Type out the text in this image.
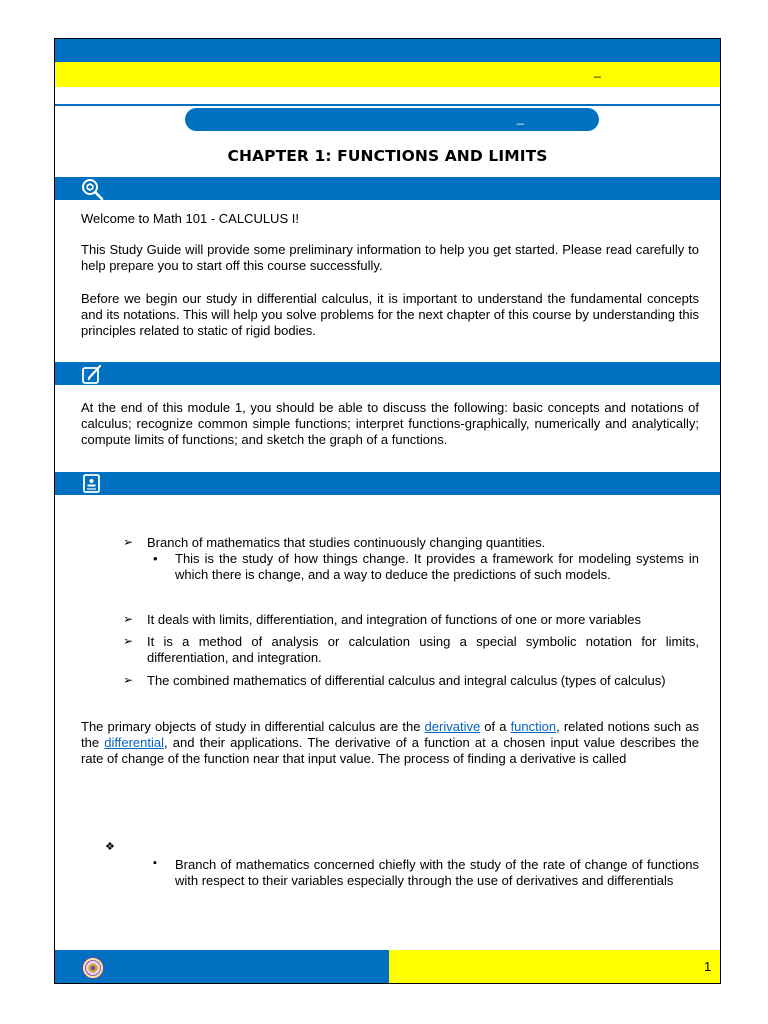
_
_
CHAPTER 1: FUNCTIONS AND LIMITS
Welcome to Math 101 - CALCULUS I!
This Study Guide will provide some preliminary information to help you get started. Please read carefully to help prepare you to start off this course successfully.
Before we begin our study in differential calculus, it is important to understand the fundamental concepts and its notations. This will help you solve problems for the next chapter of this course by understanding this principles related to static of rigid bodies.
At the end of this module 1, you should be able to discuss the following: basic concepts and notations of calculus; recognize common simple functions; interpret functions-graphically, numerically and analytically; compute limits of functions; and sketch the graph of a functions.
➢ Branch of mathematics that studies continuously changing quantities.
• This is the study of how things change. It provides a framework for modeling systems in which there is change, and a way to deduce the predictions of such models.
➢ It deals with limits, differentiation, and integration of functions of one or more variables
➢ It is a method of analysis or calculation using a special symbolic notation for limits, differentiation, and integration.
➢ The combined mathematics of differential calculus and integral calculus (types of calculus)
The primary objects of study in differential calculus are the derivative of a function, related notions such as the differential, and their applications. The derivative of a function at a chosen input value describes the rate of change of the function near that input value. The process of finding a derivative is called
❖
▪ Branch of mathematics concerned chiefly with the study of the rate of change of functions with respect to their variables especially through the use of derivatives and differentials
1
